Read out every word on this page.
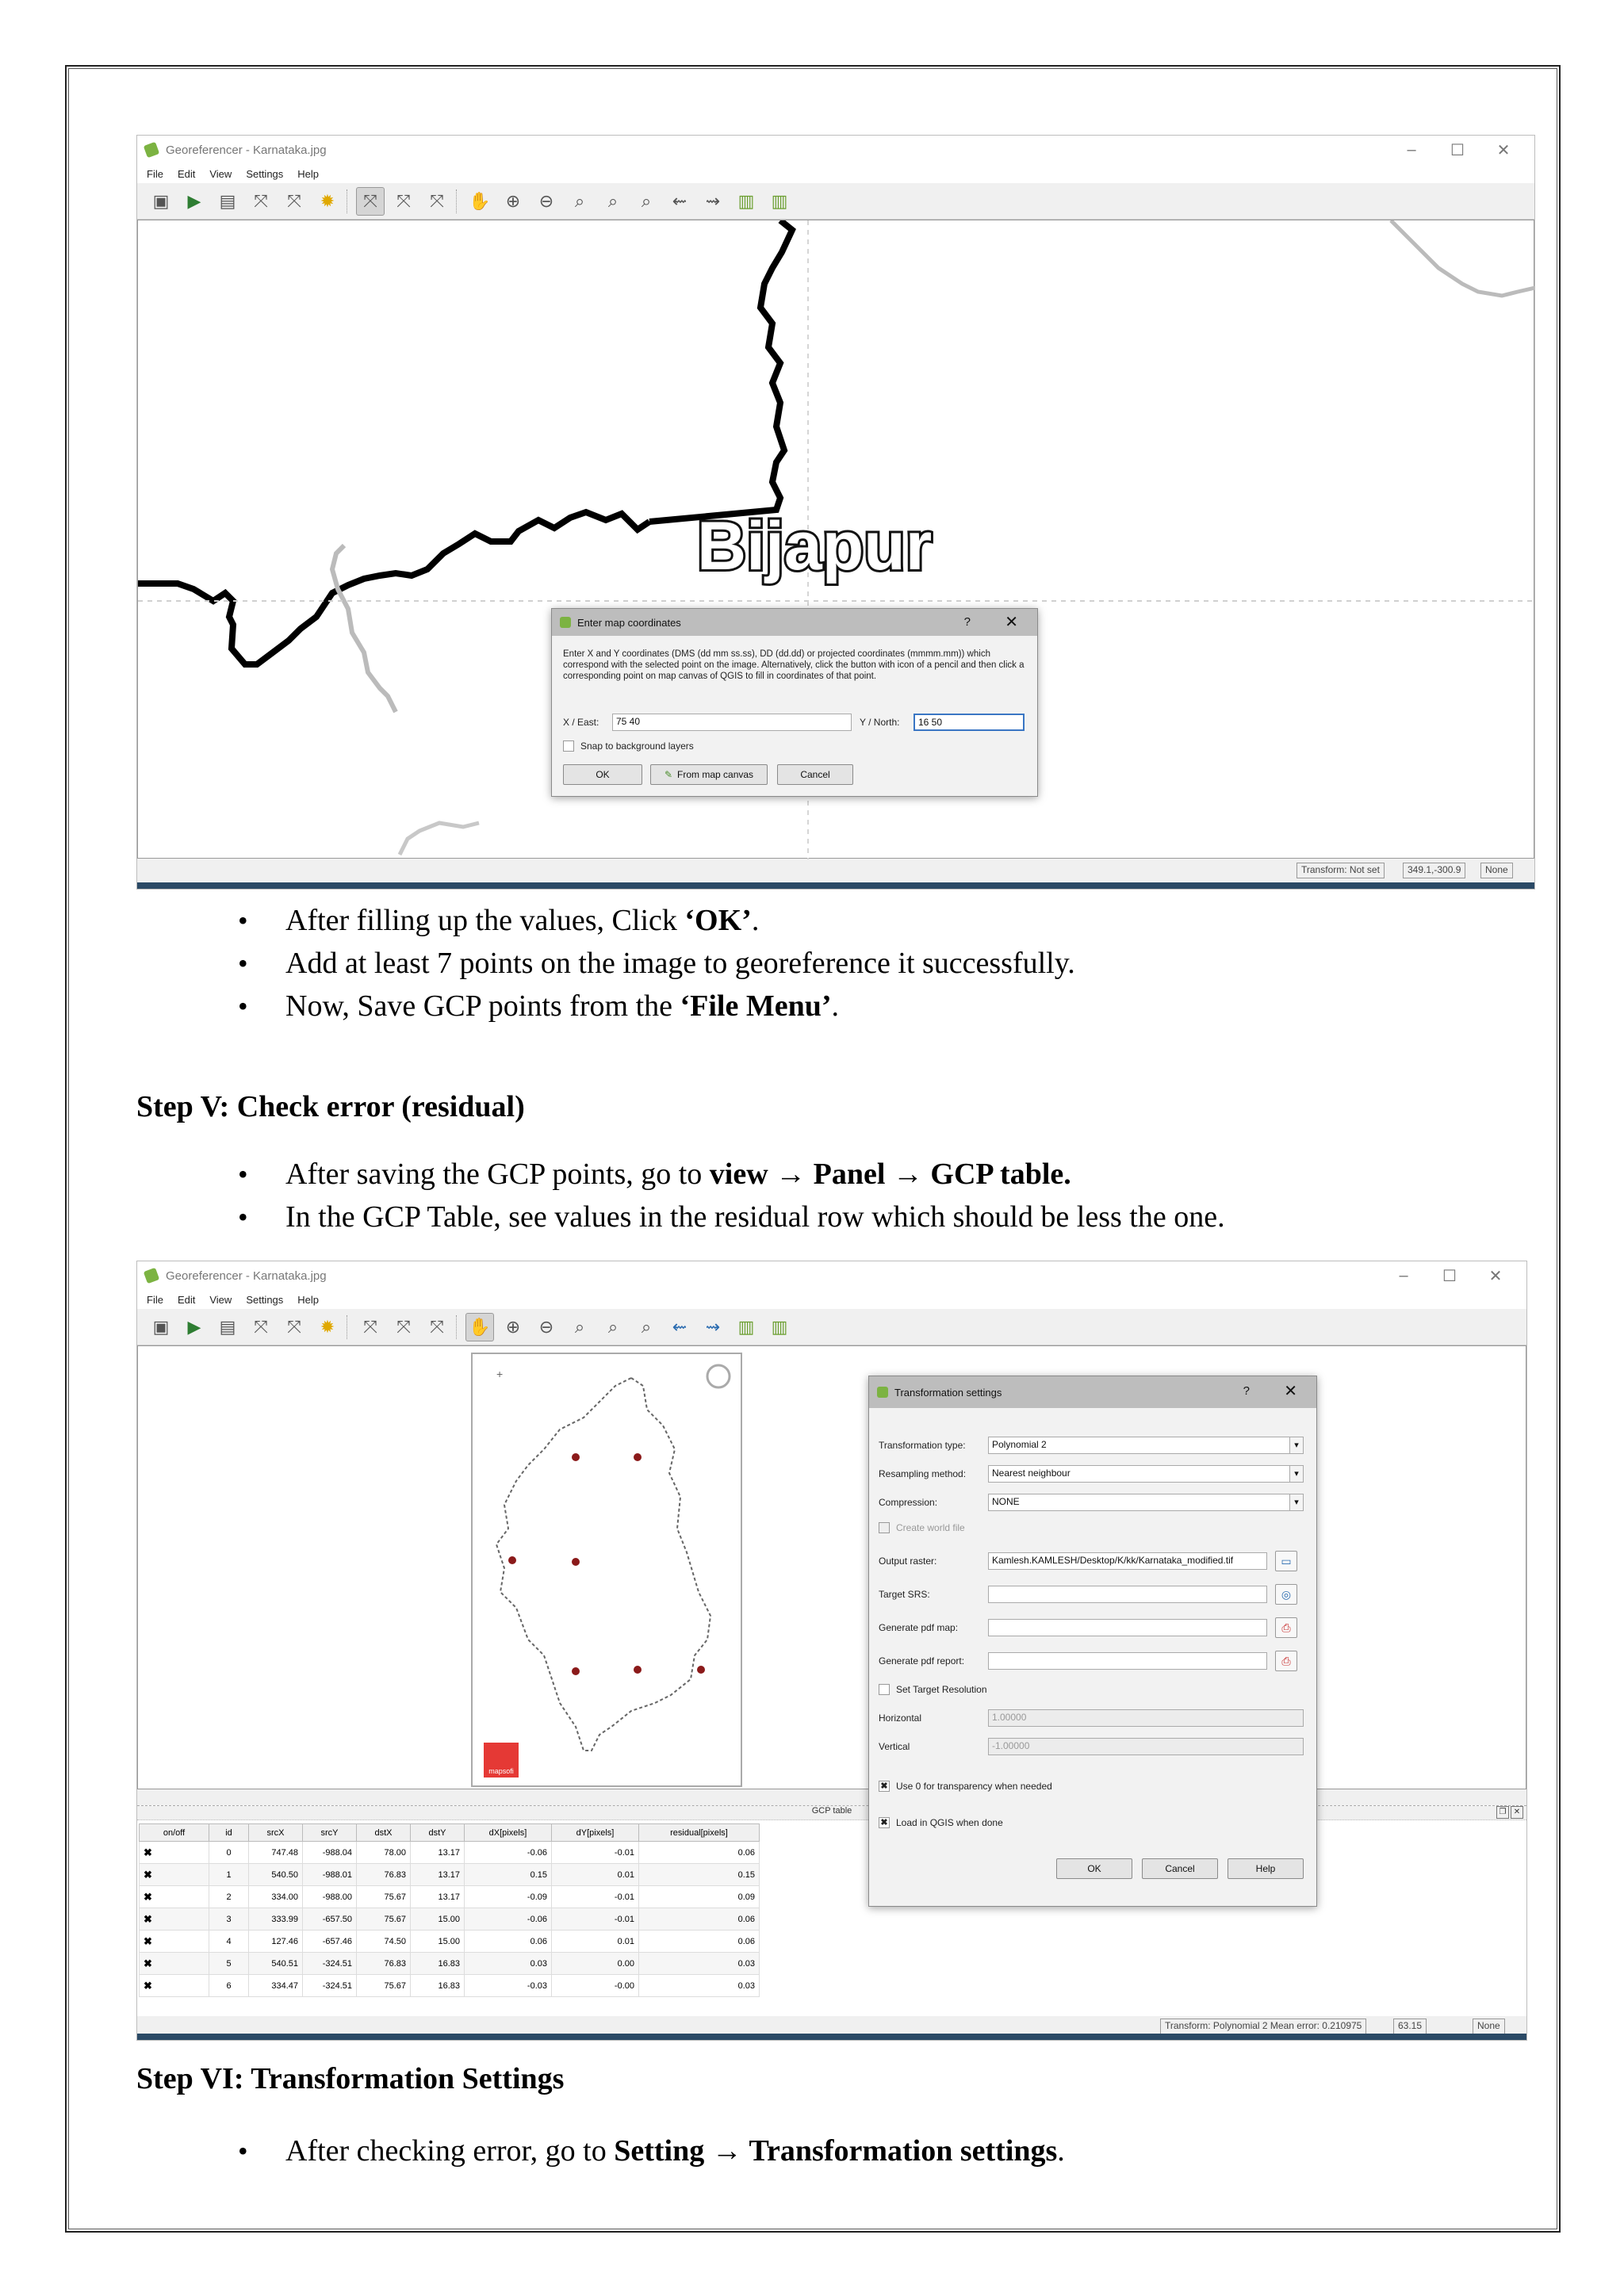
Georeferencer - Karnataka.jpg	–	☐	✕
File Edit View Settings Help
▣	▶	▤	⤧	⤧	✹	⤧	⤧	⤧	✋ ⊕	⊖	⌕	⌕	⌕	⇜	⇝	▥ ▥
Bijapur
Enter map coordinates	? ✕
Enter X and Y coordinates (DMS (dd mm ss.ss), DD (dd.dd) or projected coordinates (mmmm.mm)) which correspond with the selected point on the image. Alternatively, click the button with icon of a pencil and then click a corresponding point on map canvas of QGIS to fill in coordinates of that point.
X / East:	75 40	Y / North:	16 50
Snap to background layers
OK	✎ From map canvas	Cancel
Transform: Not set	349.1,-300.9	None
• After filling up the values, Click ‘OK’.
• Add at least 7 points on the image to georeference it successfully.
• Now, Save GCP points from the ‘File Menu’.
Step V: Check error (residual)
• After saving the GCP points, go to view → Panel → GCP table.
• In the GCP Table, see values in the residual row which should be less the one.
Georeferencer - Karnataka.jpg	–	☐	✕
File Edit View Settings Help
▣	▶	▤	⤧	⤧	✹	⤧	⤧	⤧	✋ ⊕	⊖	⌕	⌕	⌕	⇜	⇝	▥ ▥
+
mapsofi
GCP table	❐ ✕
on/off	id	srcX	srcY	dstX	dstY	dX[pixels]	dY[pixels]	residual[pixels]
✖	0	747.48	-988.04	78.00	13.17	-0.06	-0.01	0.06
✖	1	540.50	-988.01	76.83	13.17	0.15	0.01	0.15
✖	2	334.00	-988.00	75.67	13.17	-0.09	-0.01	0.09
✖	3	333.99	-657.50	75.67	15.00	-0.06	-0.01	0.06
✖	4	127.46	-657.46	74.50	15.00	0.06	0.01	0.06
✖	5	540.51	-324.51	76.83	16.83	0.03	0.00	0.03
✖	6	334.47	-324.51	75.67	16.83	-0.03	-0.00	0.03
Transformation settings	? ✕
Transformation type:	Polynomial 2 ▾
Resampling method:	Nearest neighbour ▾
Compression:	NONE ▾
Create world file
Output raster:	Kamlesh.KAMLESH/Desktop/K/kk/Karnataka_modified.tif	▭
Target SRS:	◎
Generate pdf map:	⎙
Generate pdf report:	⎙
Set Target Resolution
Horizontal	1.00000
Vertical	-1.00000
✖ Use 0 for transparency when needed
✖ Load in QGIS when done
OK	Cancel	Help
Transform: Polynomial 2 Mean error: 0.210975	63.15	None
Step VI: Transformation Settings
• After checking error, go to Setting → Transformation settings.
